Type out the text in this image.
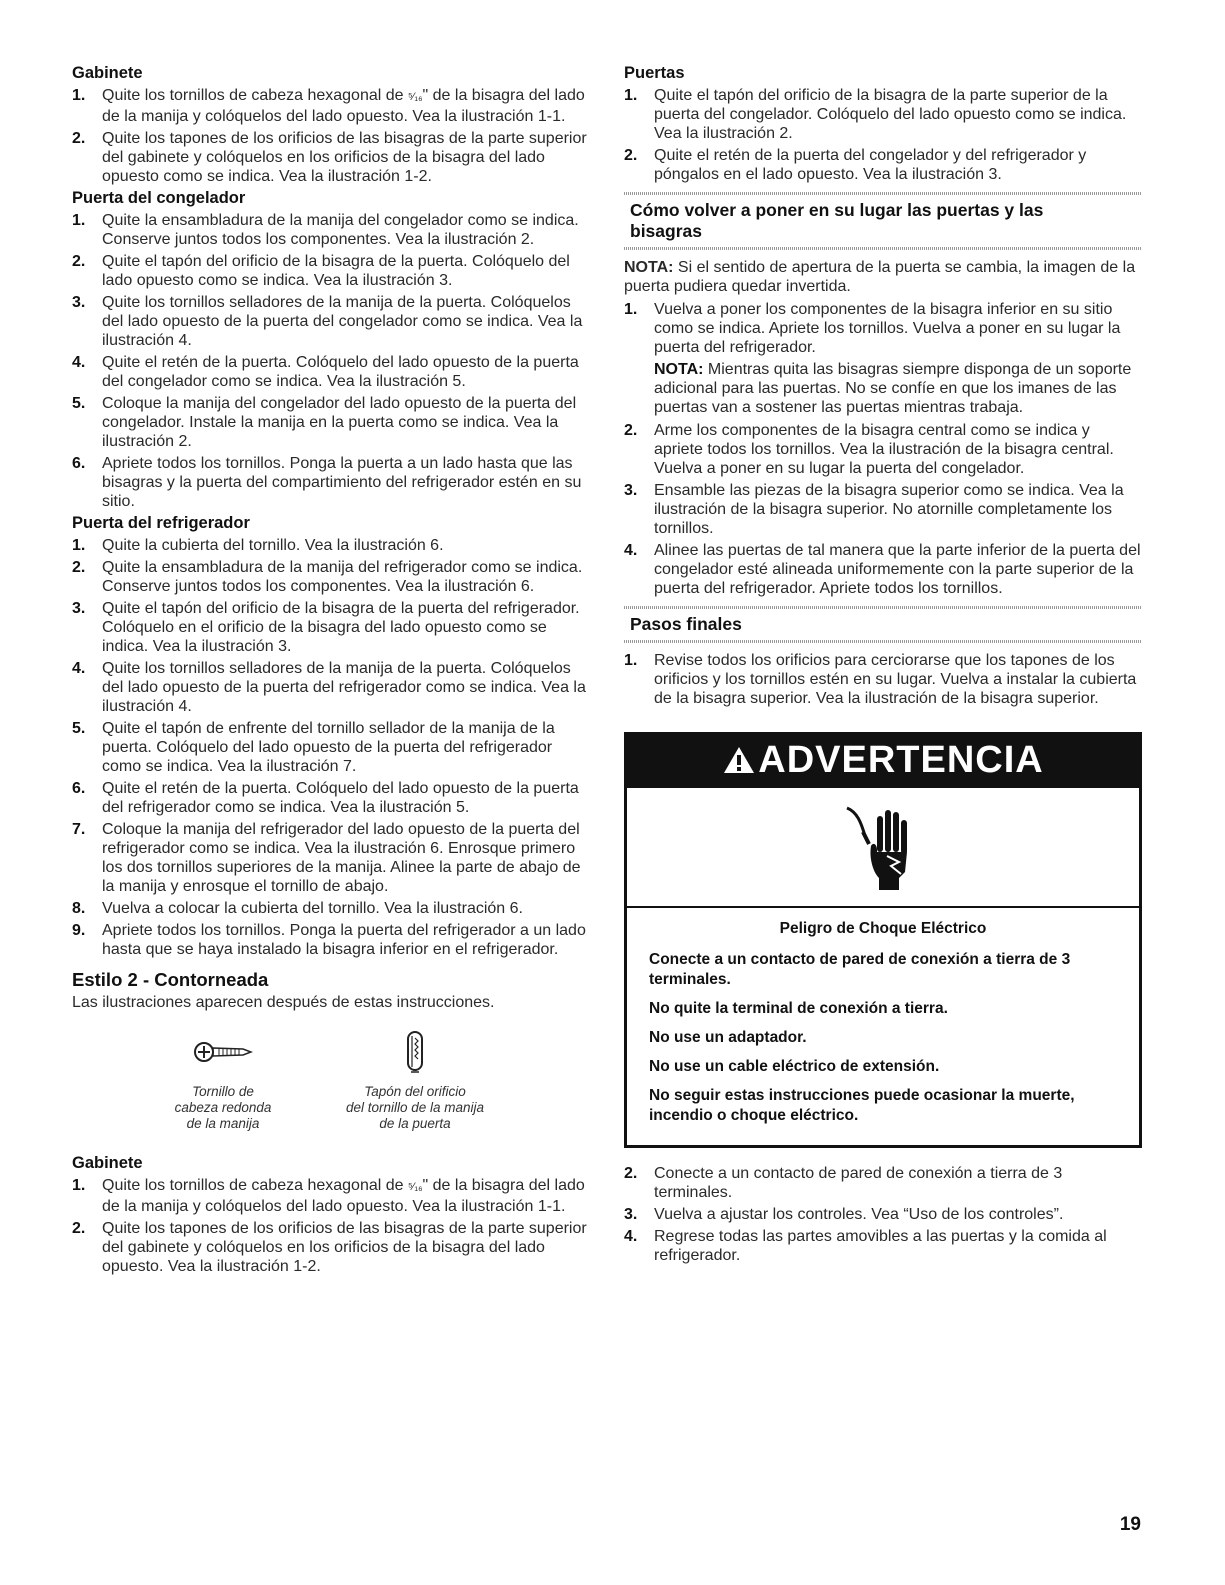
Gabinete
1. Quite los tornillos de cabeza hexagonal de ⁵⁄₁₆" de la bisagra del lado de la manija y colóquelos del lado opuesto. Vea la ilustración 1-1.
2. Quite los tapones de los orificios de las bisagras de la parte superior del gabinete y colóquelos en los orificios de la bisagra del lado opuesto como se indica. Vea la ilustración 1-2.
Puerta del congelador
1. Quite la ensambladura de la manija del congelador como se indica. Conserve juntos todos los componentes. Vea la ilustración 2.
2. Quite el tapón del orificio de la bisagra de la puerta. Colóquelo del lado opuesto como se indica. Vea la ilustración 3.
3. Quite los tornillos selladores de la manija de la puerta. Colóquelos del lado opuesto de la puerta del congelador como se indica. Vea la ilustración 4.
4. Quite el retén de la puerta. Colóquelo del lado opuesto de la puerta del congelador como se indica. Vea la ilustración 5.
5. Coloque la manija del congelador del lado opuesto de la puerta del congelador. Instale la manija en la puerta como se indica. Vea la ilustración 2.
6. Apriete todos los tornillos. Ponga la puerta a un lado hasta que las bisagras y la puerta del compartimiento del refrigerador estén en su sitio.
Puerta del refrigerador
1. Quite la cubierta del tornillo. Vea la ilustración 6.
2. Quite la ensambladura de la manija del refrigerador como se indica. Conserve juntos todos los componentes. Vea la ilustración 6.
3. Quite el tapón del orificio de la bisagra de la puerta del refrigerador. Colóquelo en el orificio de la bisagra del lado opuesto como se indica. Vea la ilustración 3.
4. Quite los tornillos selladores de la manija de la puerta. Colóquelos del lado opuesto de la puerta del refrigerador como se indica. Vea la ilustración 4.
5. Quite el tapón de enfrente del tornillo sellador de la manija de la puerta. Colóquelo del lado opuesto de la puerta del refrigerador como se indica. Vea la ilustración 7.
6. Quite el retén de la puerta. Colóquelo del lado opuesto de la puerta del refrigerador como se indica. Vea la ilustración 5.
7. Coloque la manija del refrigerador del lado opuesto de la puerta del refrigerador como se indica. Vea la ilustración 6. Enrosque primero los dos tornillos superiores de la manija. Alinee la parte de abajo de la manija y enrosque el tornillo de abajo.
8. Vuelva a colocar la cubierta del tornillo. Vea la ilustración 6.
9. Apriete todos los tornillos. Ponga la puerta del refrigerador a un lado hasta que se haya instalado la bisagra inferior en el refrigerador.
Estilo 2 - Contorneada
Las ilustraciones aparecen después de estas instrucciones.
Tornillo de
cabeza redonda
de la manija
Tapón del orificio
del tornillo de la manija
de la puerta
Gabinete
1. Quite los tornillos de cabeza hexagonal de ⁵⁄₁₆" de la bisagra del lado de la manija y colóquelos del lado opuesto. Vea la ilustración 1-1.
2. Quite los tapones de los orificios de las bisagras de la parte superior del gabinete y colóquelos en los orificios de la bisagra del lado opuesto. Vea la ilustración 1-2.
Puertas
1. Quite el tapón del orificio de la bisagra de la parte superior de la puerta del congelador. Colóquelo del lado opuesto como se indica. Vea la ilustración 2.
2. Quite el retén de la puerta del congelador y del refrigerador y póngalos en el lado opuesto. Vea la ilustración 3.
Cómo volver a poner en su lugar las puertas y las
bisagras
NOTA: Si el sentido de apertura de la puerta se cambia, la imagen de la puerta pudiera quedar invertida.
1. Vuelva a poner los componentes de la bisagra inferior en su sitio como se indica. Apriete los tornillos. Vuelva a poner en su lugar la puerta del refrigerador.
NOTA: Mientras quita las bisagras siempre disponga de un soporte adicional para las puertas. No se confíe en que los imanes de las puertas van a sostener las puertas mientras trabaja.
2. Arme los componentes de la bisagra central como se indica y apriete todos los tornillos. Vea la ilustración de la bisagra central. Vuelva a poner en su lugar la puerta del congelador.
3. Ensamble las piezas de la bisagra superior como se indica. Vea la ilustración de la bisagra superior. No atornille completamente los tornillos.
4. Alinee las puertas de tal manera que la parte inferior de la puerta del congelador esté alineada uniformemente con la parte superior de la puerta del refrigerador. Apriete todos los tornillos.
Pasos finales
1. Revise todos los orificios para cerciorarse que los tapones de los orificios y los tornillos estén en su lugar. Vuelva a instalar la cubierta de la bisagra superior. Vea la ilustración de la bisagra superior.
ADVERTENCIA
Peligro de Choque Eléctrico
Conecte a un contacto de pared de conexión a tierra de 3 terminales.
No quite la terminal de conexión a tierra.
No use un adaptador.
No use un cable eléctrico de extensión.
No seguir estas instrucciones puede ocasionar la muerte, incendio o choque eléctrico.
2. Conecte a un contacto de pared de conexión a tierra de 3 terminales.
3. Vuelva a ajustar los controles. Vea “Uso de los controles”.
4. Regrese todas las partes amovibles a las puertas y la comida al refrigerador.
19
